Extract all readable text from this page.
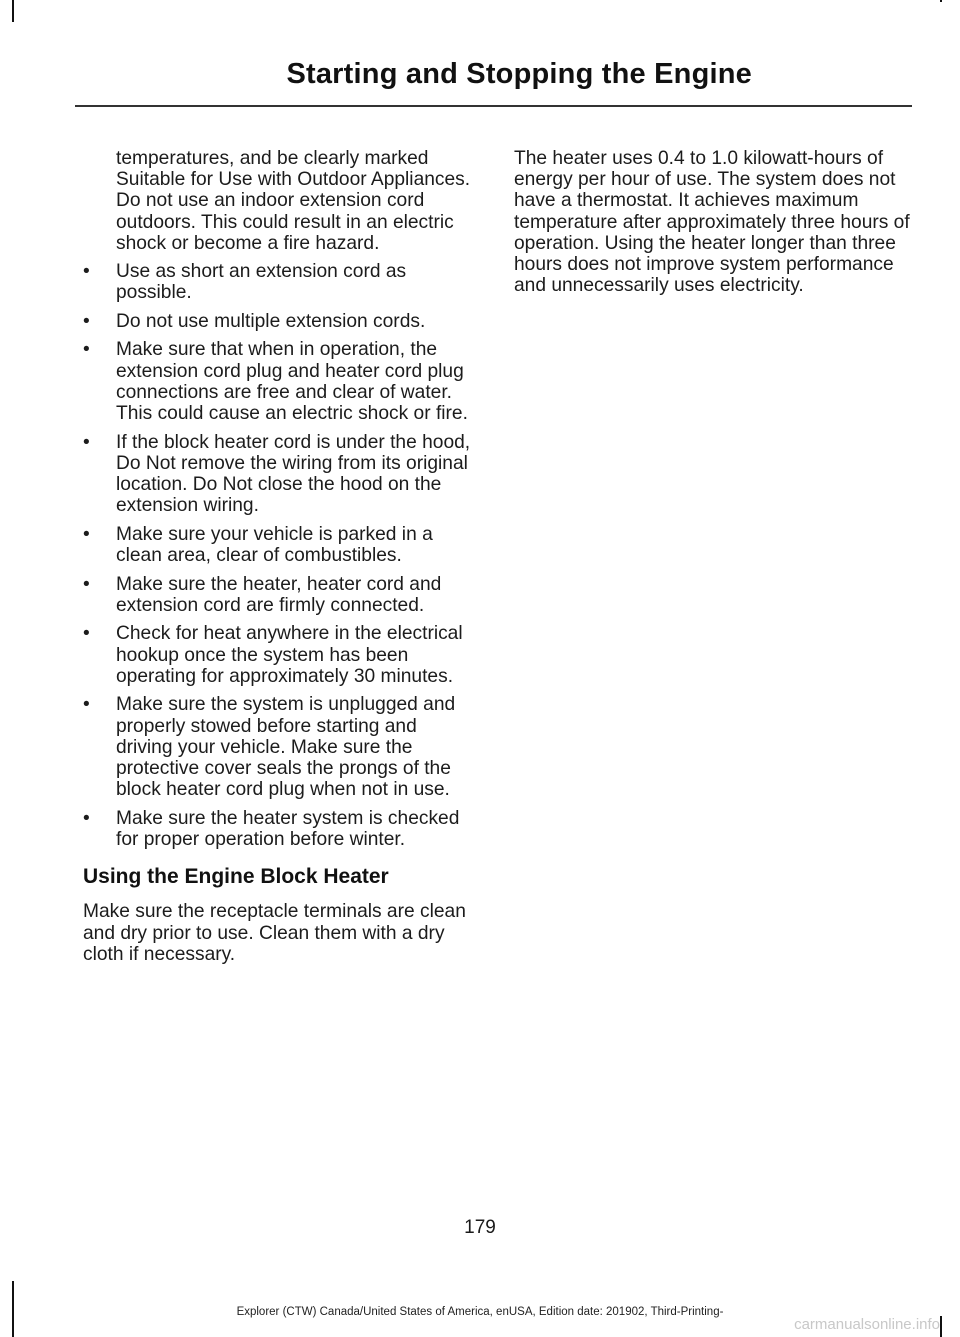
Starting and Stopping the Engine

temperatures, and be clearly marked Suitable for Use with Outdoor Appliances. Do not use an indoor extension cord outdoors. This could result in an electric shock or become a fire hazard.

•	Use as short an extension cord as possible.
•	Do not use multiple extension cords.
•	Make sure that when in operation, the extension cord plug and heater cord plug connections are free and clear of water. This could cause an electric shock or fire.
•	If the block heater cord is under the hood, Do Not remove the wiring from its original location. Do Not close the hood on the extension wiring.
•	Make sure your vehicle is parked in a clean area, clear of combustibles.
•	Make sure the heater, heater cord and extension cord are firmly connected.
•	Check for heat anywhere in the electrical hookup once the system has been operating for approximately 30 minutes.
•	Make sure the system is unplugged and properly stowed before starting and driving your vehicle. Make sure the protective cover seals the prongs of the block heater cord plug when not in use.
•	Make sure the heater system is checked for proper operation before winter.
Using the Engine Block Heater

Make sure the receptacle terminals are clean and dry prior to use. Clean them with a dry cloth if necessary.

The heater uses 0.4 to 1.0 kilowatt-hours of energy per hour of use. The system does not have a thermostat. It achieves maximum temperature after approximately three hours of operation. Using the heater longer than three hours does not improve system performance and unnecessarily uses electricity.

179
Explorer (CTW) Canada/United States of America, enUSA, Edition date: 201902, Third-Printing-
carmanualsonline.info
